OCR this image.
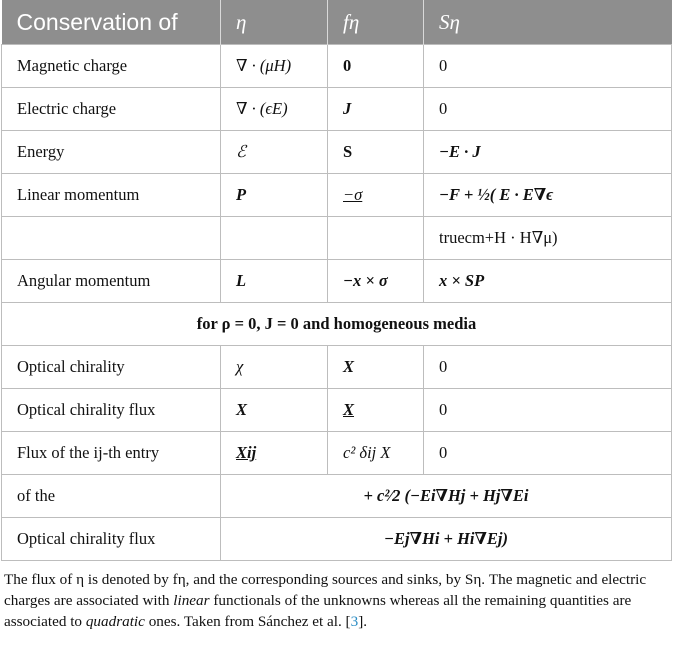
Conservation of	η	fη	Sη
Magnetic charge	∇ · (μH)	0	0
Electric charge	∇ · (ϵE)	J	0
Energy	ℰ	S	−E · J
Linear momentum	P	−σ	−F + ½( E · E∇ϵ
			truecm+H · H∇μ)
Angular momentum	L	−x × σ	x × SP
for ρ = 0, J = 0 and homogeneous media			
Optical chirality	χ	X	0
Optical chirality flux	X	X	0
Flux of the ij-th entry	Xij	c² δij X	0
of the	+ c²⁄2 (−Ei∇Hj + Hj∇Ei		
Optical chirality flux	−Ej∇Hi + Hi∇Ej)		
The flux of η is denoted by fη, and the corresponding sources and sinks, by Sη. The magnetic and electric charges are associated with linear functionals of the unknowns whereas all the remaining quantities are associated to quadratic ones. Taken from Sánchez et al. [3].
